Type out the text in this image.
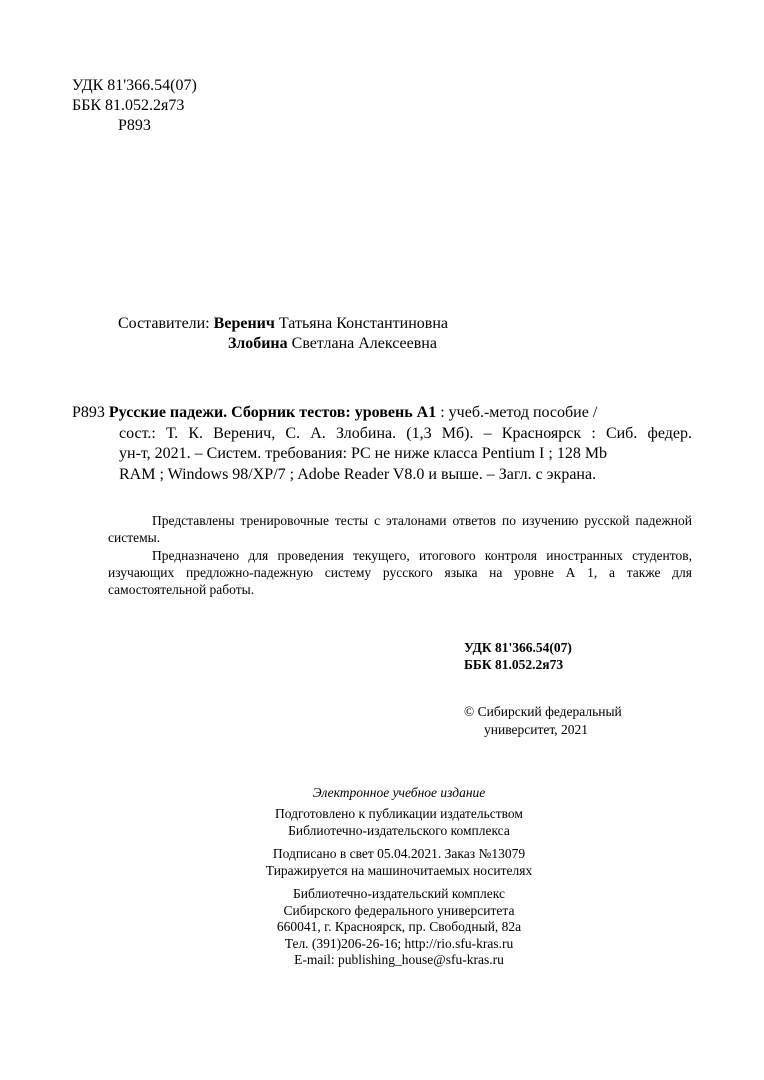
УДК 81'366.54(07)
ББК 81.052.2я73
Р893
Составители: Веренич Татьяна Константиновна
Злобина Светлана Алексеевна
Р893 Русские падежи. Сборник тестов: уровень А1 : учеб.-метод пособие /
сост.: Т. К. Веренич, С. А. Злобина. (1,3 Мб). – Красноярск : Сиб. федер.
ун-т, 2021. – Систем. требования: PC не ниже класса Pentium I ; 128 Mb
RAM ; Windows 98/XP/7 ; Adobe Reader V8.0 и выше. – Загл. с экрана.
Представлены тренировочные тесты с эталонами ответов по изучению русской падежной системы.
Предназначено для проведения текущего, итогового контроля иностранных студентов, изучающих предложно-падежную систему русского языка на уровне А 1, а также для самостоятельной работы.
УДК 81'366.54(07)
ББК 81.052.2я73
© Сибирский федеральный
университет, 2021
Электронное учебное издание
Подготовлено к публикации издательством
Библиотечно-издательского комплекса
Подписано в свет 05.04.2021. Заказ №13079
Тиражируется на машиночитаемых носителях
Библиотечно-издательский комплекс
Сибирского федерального университета
660041, г. Красноярск, пр. Свободный, 82а
Тел. (391)206-26-16; http://rio.sfu-kras.ru
E-mail: publishing_house@sfu-kras.ru
